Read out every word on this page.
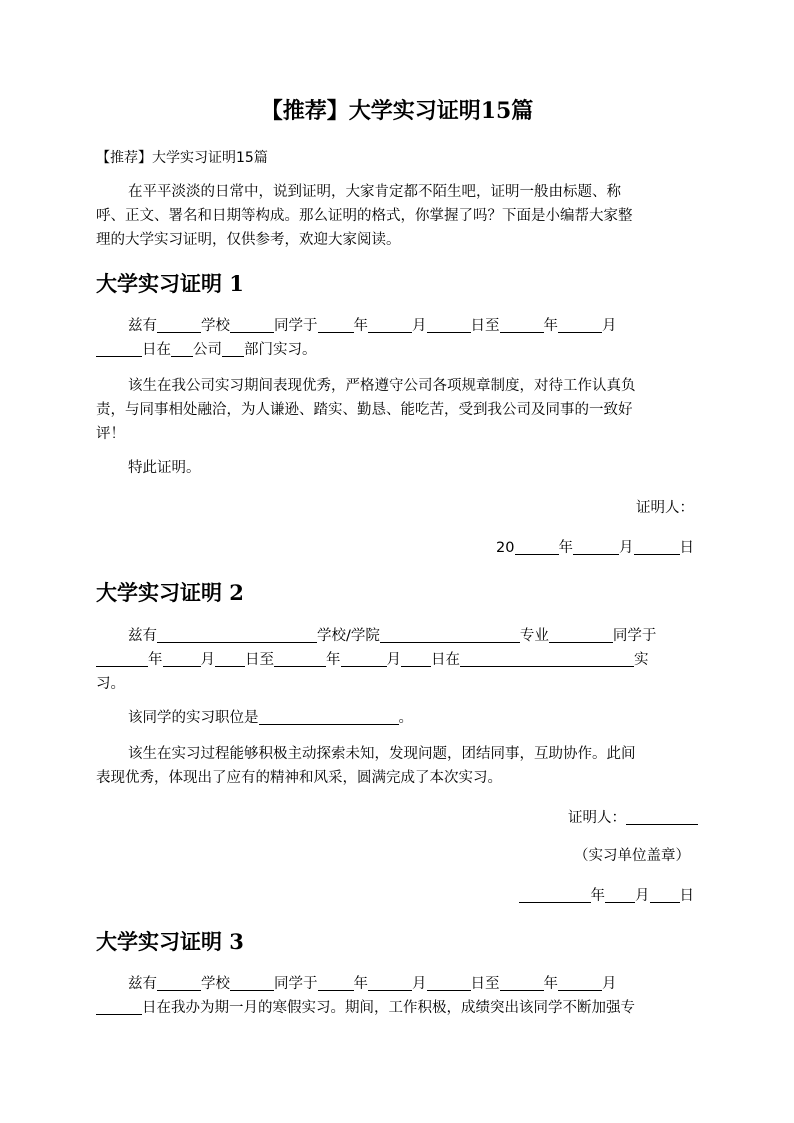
【推荐】大学实习证明15篇

【推荐】大学实习证明15篇

在平平淡淡的日常中，说到证明，大家肯定都不陌生吧，证明一般由标题、称

呼、正文、署名和日期等构成。那么证明的格式，你掌握了吗？下面是小编帮大家整

理的大学实习证明，仅供参考，欢迎大家阅读。

大学实习证明 1

兹有	学校	同学于 年	月	日至	年	月

日在 公司 部门实习。

该生在我公司实习期间表现优秀，严格遵守公司各项规章制度，对待工作认真负

责，与同事相处融洽，为人谦逊、踏实、勤恳、能吃苦，受到我公司及同事的一致好

评！

特此证明。

证明人：

20	年	月	日

大学实习证明 2

兹有	学校/学院	专业	同学于

年	月 日至	年	月 日在	实

习。

该同学的实习职位是	。

该生在实习过程能够积极主动探索未知，发现问题，团结同事，互助协作。此间

表现优秀，体现出了应有的精神和风采，圆满完成了本次实习。

证明人：

（实习单位盖章）

年 月 日

大学实习证明 3

兹有	学校	同学于 年	月	日至	年	月

日在我办为期一月的寒假实习。期间，工作积极，成绩突出该同学不断加强专
